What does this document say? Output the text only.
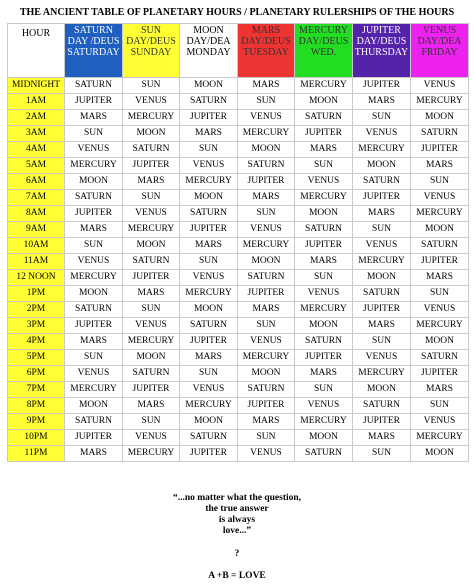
THE ANCIENT TABLE OF PLANETARY HOURS / PLANETARY RULERSHIPS OF THE HOURS
HOUR	SATURN DAY /DEUS SATURDAY	SUN DAY/DEUS SUNDAY	MOON DAY/DEA MONDAY	MARS DAY/DEUS TUESDAY	MERCURY DAY/DEUS WED.	JUPITER DAY/DEUS THURSDAY	VENUS DAY/DEA FRIDAY
MIDNIGHT	SATURN	SUN	MOON	MARS	MERCURY	JUPITER	VENUS
1AM	JUPITER	VENUS	SATURN	SUN	MOON	MARS	MERCURY
2AM	MARS	MERCURY	JUPITER	VENUS	SATURN	SUN	MOON
3AM	SUN	MOON	MARS	MERCURY	JUPITER	VENUS	SATURN
4AM	VENUS	SATURN	SUN	MOON	MARS	MERCURY	JUPITER
5AM	MERCURY	JUPITER	VENUS	SATURN	SUN	MOON	MARS
6AM	MOON	MARS	MERCURY	JUPITER	VENUS	SATURN	SUN
7AM	SATURN	SUN	MOON	MARS	MERCURY	JUPITER	VENUS
8AM	JUPITER	VENUS	SATURN	SUN	MOON	MARS	MERCURY
9AM	MARS	MERCURY	JUPITER	VENUS	SATURN	SUN	MOON
10AM	SUN	MOON	MARS	MERCURY	JUPITER	VENUS	SATURN
11AM	VENUS	SATURN	SUN	MOON	MARS	MERCURY	JUPITER
12 NOON	MERCURY	JUPITER	VENUS	SATURN	SUN	MOON	MARS
1PM	MOON	MARS	MERCURY	JUPITER	VENUS	SATURN	SUN
2PM	SATURN	SUN	MOON	MARS	MERCURY	JUPITER	VENUS
3PM	JUPITER	VENUS	SATURN	SUN	MOON	MARS	MERCURY
4PM	MARS	MERCURY	JUPITER	VENUS	SATURN	SUN	MOON
5PM	SUN	MOON	MARS	MERCURY	JUPITER	VENUS	SATURN
6PM	VENUS	SATURN	SUN	MOON	MARS	MERCURY	JUPITER
7PM	MERCURY	JUPITER	VENUS	SATURN	SUN	MOON	MARS
8PM	MOON	MARS	MERCURY	JUPITER	VENUS	SATURN	SUN
9PM	SATURN	SUN	MOON	MARS	MERCURY	JUPITER	VENUS
10PM	JUPITER	VENUS	SATURN	SUN	MOON	MARS	MERCURY
11PM	MARS	MERCURY	JUPITER	VENUS	SATURN	SUN	MOON
“...no matter what the question,
the true answer
is always
love...”
?
A +B = LOVE
